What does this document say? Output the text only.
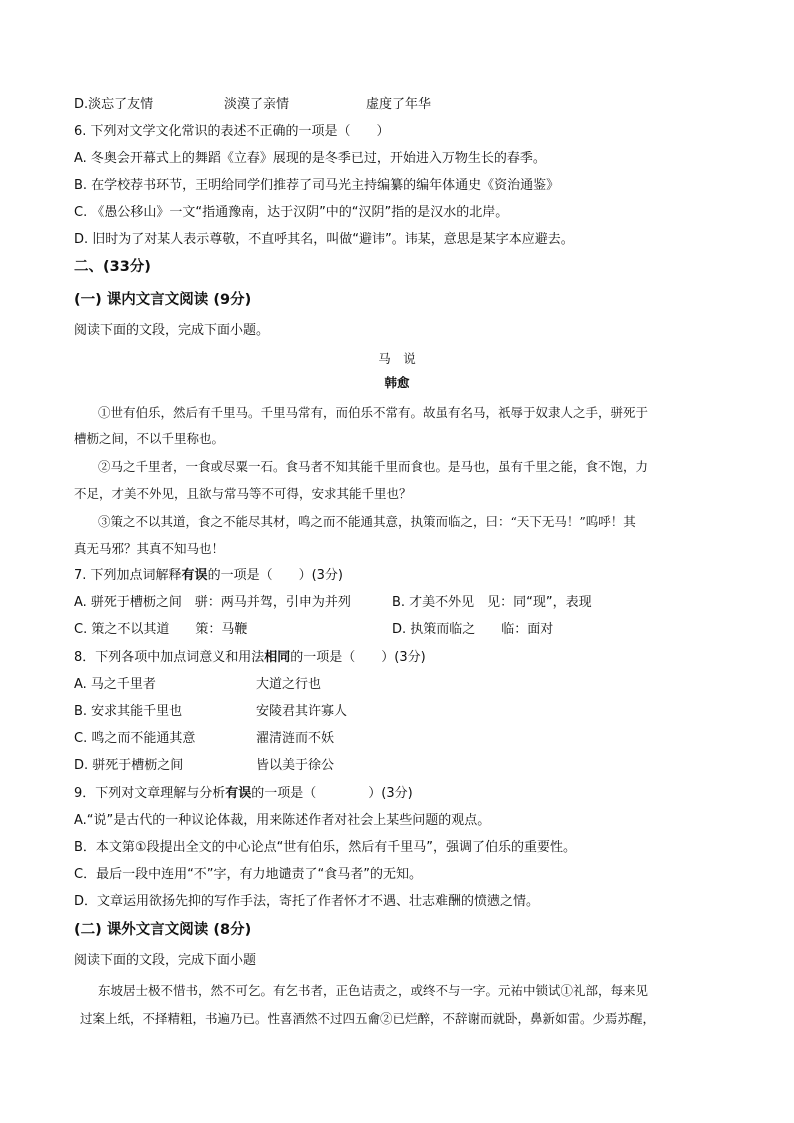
D.淡忘了友情	淡漠了亲情	虚度了年华
6. 下列对文学文化常识的表述不正确的一项是（　　）
A. 冬奥会开幕式上的舞蹈《立春》展现的是冬季已过，开始进入万物生长的春季。
B. 在学校荐书环节，王明给同学们推荐了司马光主持编纂的编年体通史《资治通鉴》
C. 《愚公移山》一文“指通豫南，达于汉阴”中的“汉阴”指的是汉水的北岸。
D. 旧时为了对某人表示尊敬，不直呼其名，叫做“避讳”。讳某，意思是某字本应避去。
二、(33分)
(一) 课内文言文阅读 (9分)
阅读下面的文段，完成下面小题。
马　说
韩愈
①世有伯乐，然后有千里马。千里马常有，而伯乐不常有。故虽有名马，祇辱于奴隶人之手，骈死于
槽枥之间，不以千里称也。
②马之千里者，一食或尽粟一石。食马者不知其能千里而食也。是马也，虽有千里之能，食不饱，力
不足，才美不外见，且欲与常马等不可得，安求其能千里也？
③策之不以其道，食之不能尽其材，鸣之而不能通其意，执策而临之，曰：“天下无马！”呜呼！其
真无马邪？其真不知马也！
7. 下列加点词解释有误的一项是（　　）(3分)
A. 骈死于槽枥之间　骈：两马并驾，引申为并列	B. 才美不外见　见：同“现”，表现
C. 策之不以其道　　策：马鞭	D. 执策而临之　　临：面对
8．下列各项中加点词意义和用法相同的一项是（　　）(3分)
A. 马之千里者	大道之行也
B. 安求其能千里也	安陵君其许寡人
C. 鸣之而不能通其意	濯清涟而不妖
D. 骈死于槽枥之间	皆以美于徐公
9．下列对文章理解与分析有误的一项是（　　　　）(3分)
A.“说”是古代的一种议论体裁，用来陈述作者对社会上某些问题的观点。
B．本文第①段提出全文的中心论点“世有伯乐，然后有千里马”，强调了伯乐的重要性。
C．最后一段中连用“不”字，有力地谴责了“食马者”的无知。
D．文章运用欲扬先抑的写作手法，寄托了作者怀才不遇、壮志难酬的愤懑之情。
(二) 课外文言文阅读 (8分)
阅读下面的文段，完成下面小题
东坡居士极不惜书，然不可乞。有乞书者，正色诘责之，或终不与一字。元祐中锁试①礼部，每来见
过案上纸，不择精粗，书遍乃已。性喜酒然不过四五龠②已烂醉，不辞谢而就卧，鼻新如雷。少焉苏醒，
